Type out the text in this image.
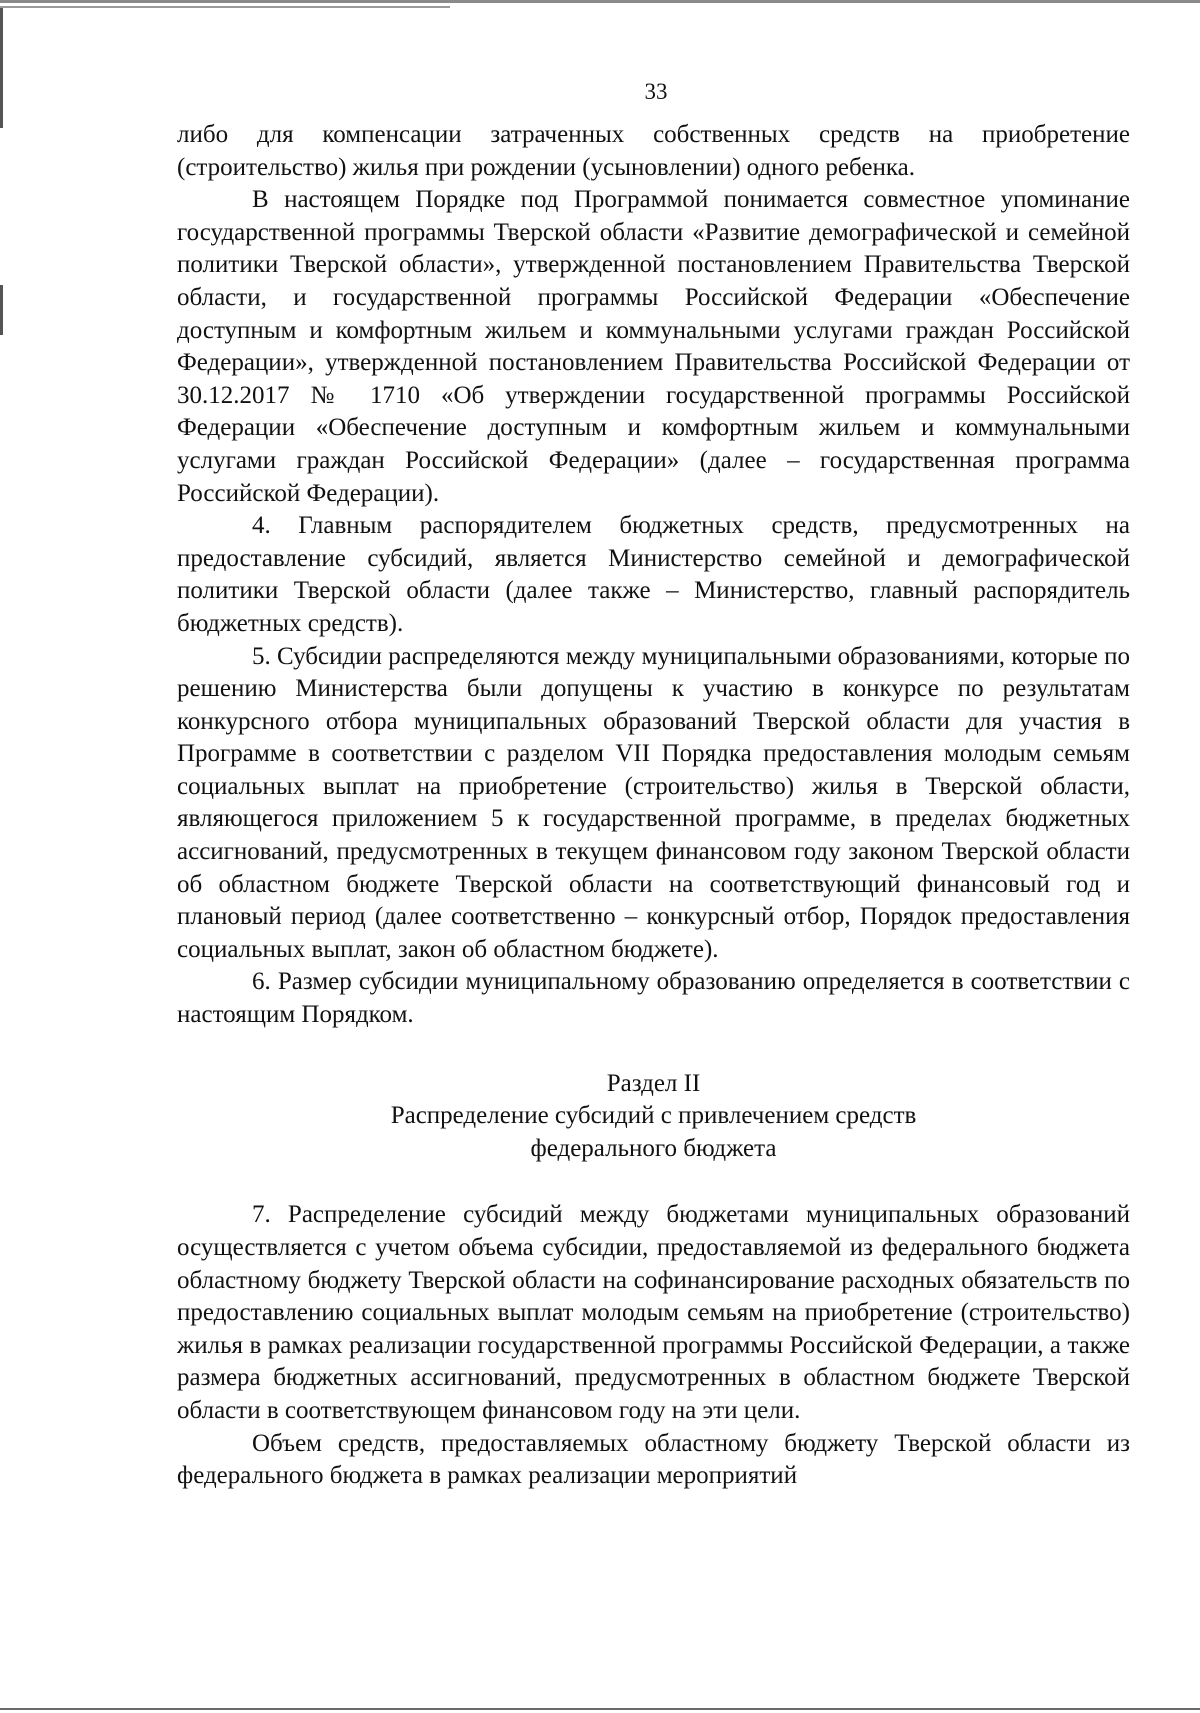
33

либо для компенсации затраченных собственных средств на приобретение (строительство) жилья при рождении (усыновлении) одного ребенка.

В настоящем Порядке под Программой понимается совместное упоминание государственной программы Тверской области «Развитие демографической и семейной политики Тверской области», утвержденной постановлением Правительства Тверской области, и государственной программы Российской Федерации «Обеспечение доступным и комфортным жильем и коммунальными услугами граждан Российской Федерации», утвержденной постановлением Правительства Российской Федерации от 30.12.2017 № 1710 «Об утверждении государственной программы Российской Федерации «Обеспечение доступным и комфортным жильем и коммунальными услугами граждан Российской Федерации» (далее – государственная программа Российской Федерации).

4. Главным распорядителем бюджетных средств, предусмотренных на предоставление субсидий, является Министерство семейной и демографической политики Тверской области (далее также – Министерство, главный распорядитель бюджетных средств).

5. Субсидии распределяются между муниципальными образованиями, которые по решению Министерства были допущены к участию в конкурсе по результатам конкурсного отбора муниципальных образований Тверской области для участия в Программе в соответствии с разделом VII Порядка предоставления молодым семьям социальных выплат на приобретение (строительство) жилья в Тверской области, являющегося приложением 5 к государственной программе, в пределах бюджетных ассигнований, предусмотренных в текущем финансовом году законом Тверской области об областном бюджете Тверской области на соответствующий финансовый год и плановый период (далее соответственно – конкурсный отбор, Порядок предоставления социальных выплат, закон об областном бюджете).

6. Размер субсидии муниципальному образованию определяется в соответствии с настоящим Порядком.

Раздел II
Распределение субсидий с привлечением средств
федерального бюджета

7. Распределение субсидий между бюджетами муниципальных образований осуществляется с учетом объема субсидии, предоставляемой из федерального бюджета областному бюджету Тверской области на софинансирование расходных обязательств по предоставлению социальных выплат молодым семьям на приобретение (строительство) жилья в рамках реализации государственной программы Российской Федерации, а также размера бюджетных ассигнований, предусмотренных в областном бюджете Тверской области в соответствующем финансовом году на эти цели.

Объем средств, предоставляемых областному бюджету Тверской области из федерального бюджета в рамках реализации мероприятий
